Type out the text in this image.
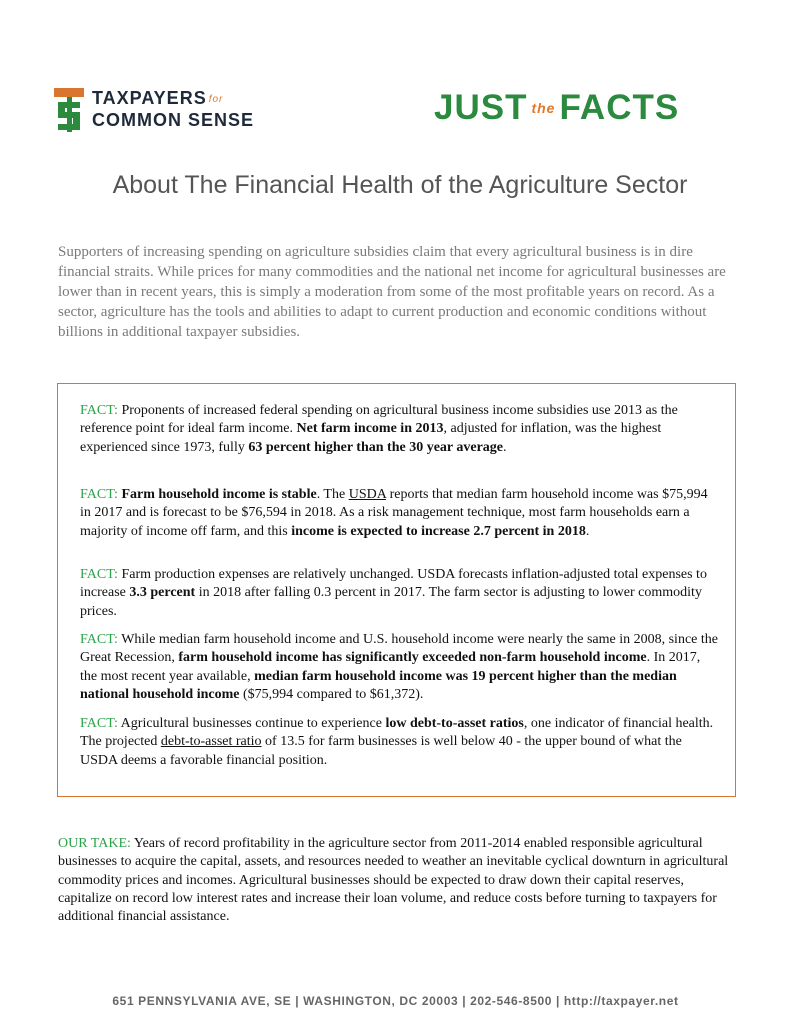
TAXPAYERS for
COMMON SENSE	JUST the FACTS
About The Financial Health of the Agriculture Sector
Supporters of increasing spending on agriculture subsidies claim that every agricultural business is in dire financial straits. While prices for many commodities and the national net income for agricultural businesses are lower than in recent years, this is simply a moderation from some of the most profitable years on record. As a sector, agriculture has the tools and abilities to adapt to current production and economic conditions without billions in additional taxpayer subsidies.

FACT: Proponents of increased federal spending on agricultural business income subsidies use 2013 as the reference point for ideal farm income. Net farm income in 2013, adjusted for inflation, was the highest experienced since 1973, fully 63 percent higher than the 30 year average.

FACT: Farm household income is stable. The USDA reports that median farm household income was $75,994 in 2017 and is forecast to be $76,594 in 2018. As a risk management technique, most farm households earn a majority of income off farm, and this income is expected to increase 2.7 percent in 2018.

FACT: Farm production expenses are relatively unchanged. USDA forecasts inflation-adjusted total expenses to increase 3.3 percent in 2018 after falling 0.3 percent in 2017. The farm sector is adjusting to lower commodity prices.

FACT: While median farm household income and U.S. household income were nearly the same in 2008, since the Great Recession, farm household income has significantly exceeded non-farm household income. In 2017, the most recent year available, median farm household income was 19 percent higher than the median national household income ($75,994 compared to $61,372).

FACT: Agricultural businesses continue to experience low debt-to-asset ratios, one indicator of financial health. The projected debt-to-asset ratio of 13.5 for farm businesses is well below 40 - the upper bound of what the USDA deems a favorable financial position.

OUR TAKE: Years of record profitability in the agriculture sector from 2011-2014 enabled responsible agricultural businesses to acquire the capital, assets, and resources needed to weather an inevitable cyclical downturn in agricultural commodity prices and incomes. Agricultural businesses should be expected to draw down their capital reserves, capitalize on record low interest rates and increase their loan volume, and reduce costs before turning to taxpayers for additional financial assistance.

651 PENNSYLVANIA AVE, SE | WASHINGTON, DC 20003 | 202-546-8500 | http://taxpayer.net
